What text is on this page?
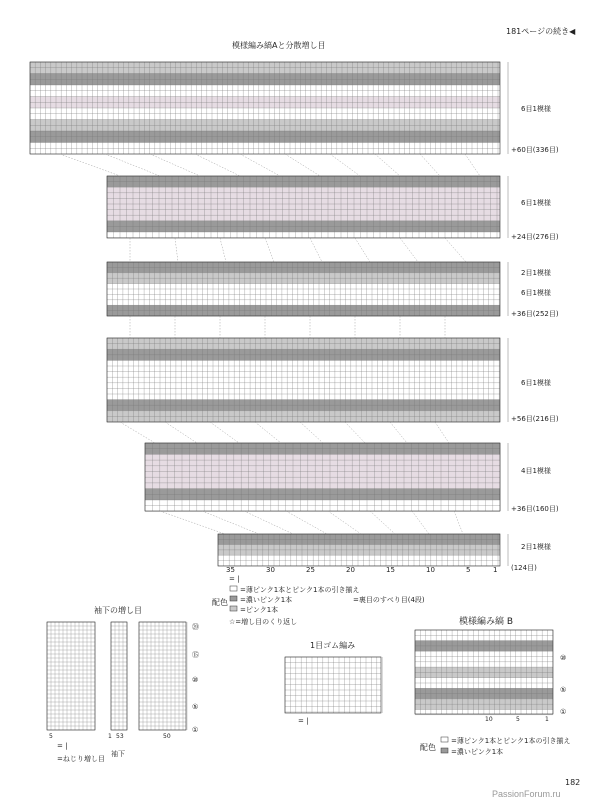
181ページの続き◀
模様編み縞Aと分散増し目
6目1模様
+60目(336目)
6目1模様
+24目(276目)
2目1模様
6目1模様
+36目(252目)
6目1模様
+56目(216目)
4目1模様
+36目(160目)
2目1模様
(124目)
35	30	25	20	15	10	5	1
= |
配色
=薄ピンク1本とピンク1本の引き揃え
=濃いピンク1本
=ピンク1本
=裏目のすべり目(4段)
☆=増し目のくり返し
袖下の増し目
⑳
⑮
⑩
⑤
①
5	1 53	50
袖下
= |
=ねじり増し目
1目ゴム編み
= |
模様編み縞 B
⑩
⑤
①
10	5	1
配色
=薄ピンク1本とピンク1本の引き揃え
=濃いピンク1本
182
PassionForum.ru
